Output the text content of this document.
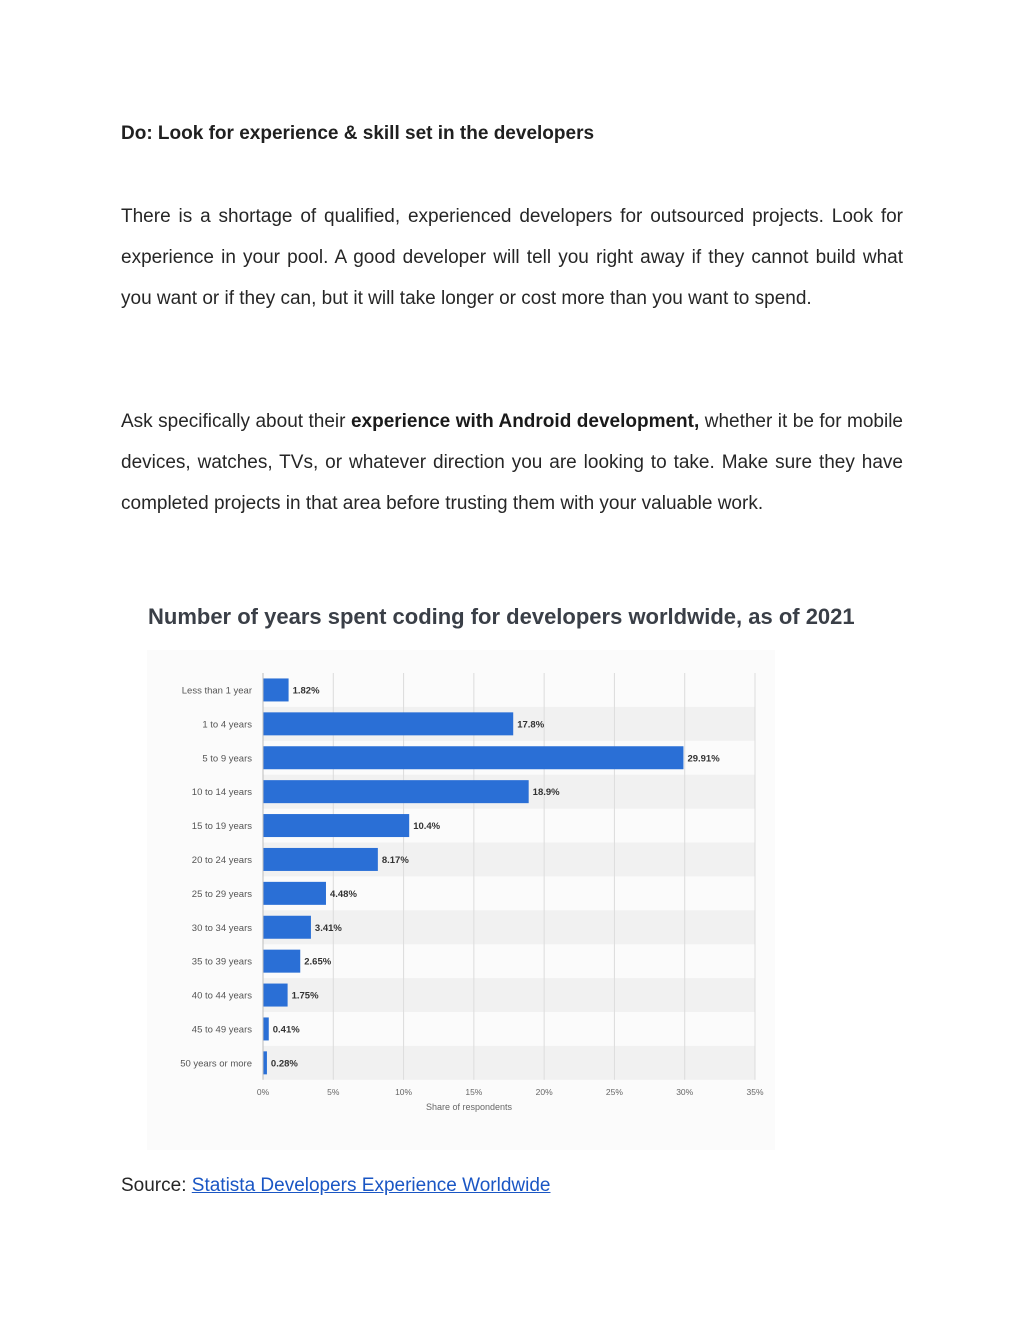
Do: Look for experience & skill set in the developers

There is a shortage of qualified, experienced developers for outsourced projects. Look for experience in your pool. A good developer will tell you right away if they cannot build what you want or if they can, but it will take longer or cost more than you want to spend.

Ask specifically about their experience with Android development, whether it be for mobile devices, watches, TVs, or whatever direction you are looking to take. Make sure they have completed projects in that area before trusting them with your valuable work.

Number of years spent coding for developers worldwide, as of 2021

Less than 1 year	1.82%
1 to 4 years	17.8%
5 to 9 years	29.91%
10 to 14 years	18.9%
15 to 19 years	10.4%
20 to 24 years	8.17%
25 to 29 years	4.48%
30 to 34 years	3.41%
35 to 39 years	2.65%
40 to 44 years	1.75%
45 to 49 years 0.41%
50 years or more 0.28%
0%	5%	10%	15%	20%	25%	30%	35%
Share of respondents

Source: Statista Developers Experience Worldwide
